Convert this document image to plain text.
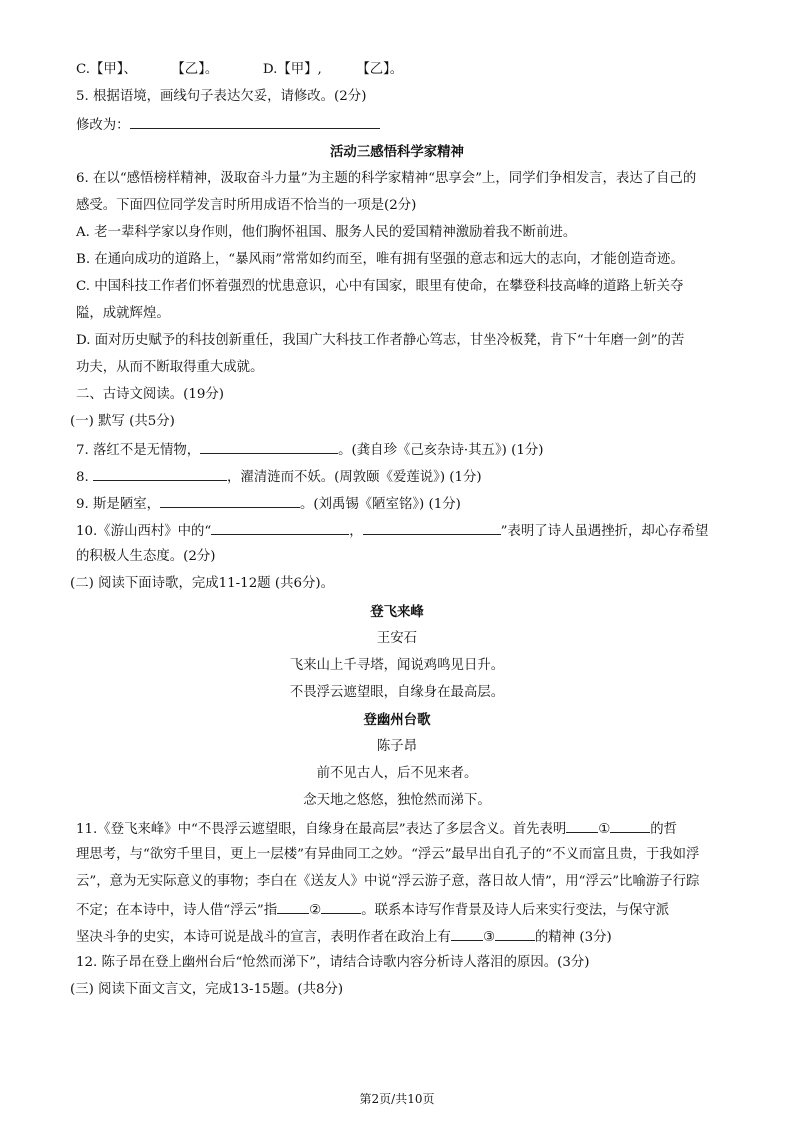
C.【甲】、	【乙】。	D.【甲】,	【乙】。
5. 根据语境，画线句子表达欠妥，请修改。(2分)
修改为：
活动三感悟科学家精神
6. 在以“感悟榜样精神，汲取奋斗力量”为主题的科学家精神“思享会”上，同学们争相发言，表达了自己的
感受。下面四位同学发言时所用成语不恰当的一项是(2分)
A. 老一辈科学家以身作则，他们胸怀祖国、服务人民的爱国精神激励着我不断前进。
B. 在通向成功的道路上，“暴风雨”常常如约而至，唯有拥有坚强的意志和远大的志向，才能创造奇迹。
C. 中国科技工作者们怀着强烈的忧患意识，心中有国家，眼里有使命，在攀登科技高峰的道路上斩关夺
隘，成就辉煌。
D. 面对历史赋予的科技创新重任，我国广大科技工作者静心笃志，甘坐冷板凳，肯下“十年磨一剑”的苦
功夫，从而不断取得重大成就。
二、古诗文阅读。(19分)
(一) 默写 (共5分)
7. 落红不是无情物，	。(龚自珍《己亥杂诗·其五》) (1分)
8.	，濯清涟而不妖。(周敦颐《爱莲说》) (1分)
9. 斯是陋室，	。(刘禹锡《陋室铭》) (1分)
10.《游山西村》中的“	，	”表明了诗人虽遇挫折，却心存希望
的积极人生态度。(2分)
(二) 阅读下面诗歌，完成11-12题 (共6分)。
登飞来峰
王安石
飞来山上千寻塔，闻说鸡鸣见日升。
不畏浮云遮望眼，自缘身在最高层。
登幽州台歌
陈子昂
前不见古人，后不见来者。
念天地之悠悠，独怆然而涕下。
11.《登飞来峰》中“不畏浮云遮望眼，自缘身在最高层”表达了多层含义。首先表明 ①	的哲
理思考，与“欲穷千里目，更上一层楼”有异曲同工之妙。“浮云”最早出自孔子的“不义而富且贵，于我如浮
云”，意为无实际意义的事物；李白在《送友人》中说“浮云游子意，落日故人情”，用“浮云”比喻游子行踪
不定；在本诗中，诗人借“浮云”指 ②	。联系本诗写作背景及诗人后来实行变法，与保守派
坚决斗争的史实，本诗可说是战斗的宣言，表明作者在政治上有 ③	的精神 (3分)
12. 陈子昂在登上幽州台后“怆然而涕下”，请结合诗歌内容分析诗人落泪的原因。(3分)
(三) 阅读下面文言文，完成13-15题。(共8分)
第2页/共10页
